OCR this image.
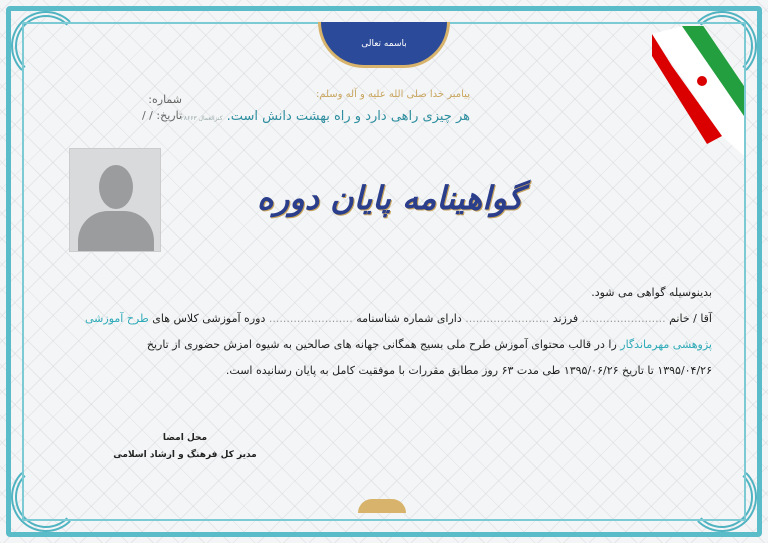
باسمه تعالی
پیامبر خدا صلی الله علیه و آله وسلم:
هر چیزی راهی دارد و راه بهشت دانش است.کنزالعمال ۲۸۶۶۳
شماره:
تاریخ: / /
گواهینامه پایان دوره

بدینوسیله گواهی می شود.

آقا / خانم ........................ فرزند ........................ دارای شماره شناسنامه ........................ دوره آموزشی کلاس های طرح آموزشی

پژوهشی مهرماندگار را در قالب محتوای آموزش طرح ملی بسیج همگانی جهانه های صالحین به شیوه امزش حضوری از تاریخ

۱۳۹۵/۰۴/۲۶ تا تاریخ ۱۳۹۵/۰۶/۲۶ طی مدت ۶۳ روز مطابق مقررات با موفقیت کامل به پایان رسانیده است.

محل امضا
مدیر کل فرهنگ و ارشاد اسلامی
